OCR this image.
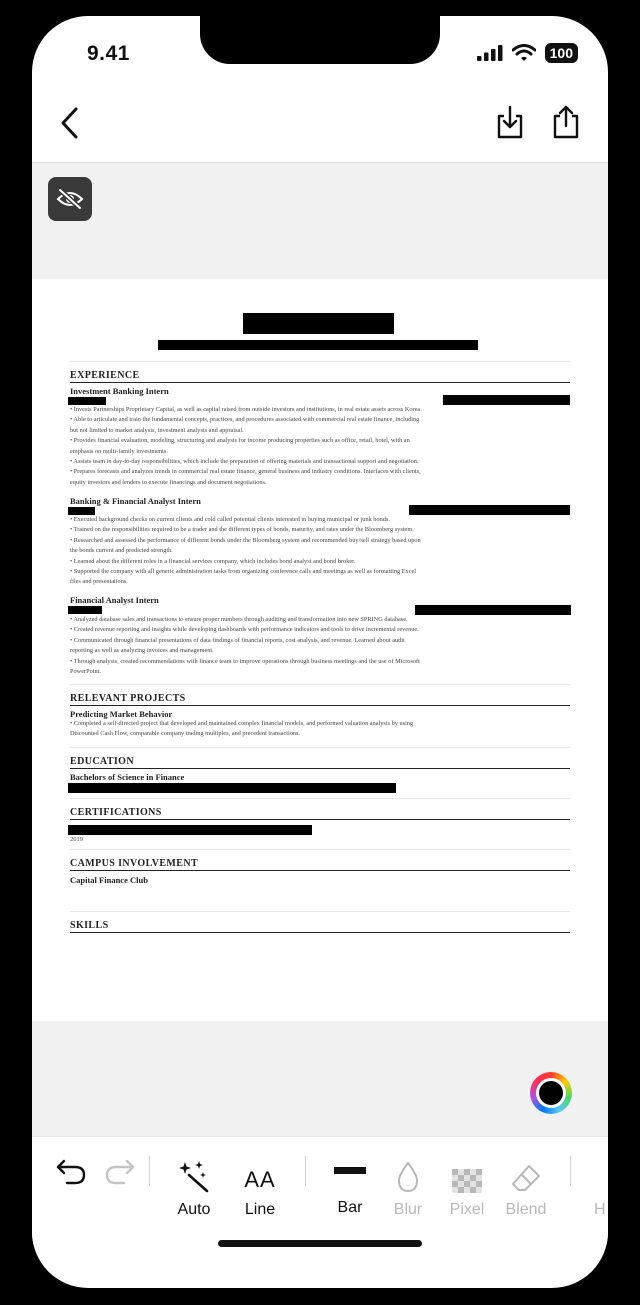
9.41	100
EXPERIENCE
Investment Banking Intern
• Invests Partnerships Proprietary Capital, as well as capital raised from outside investors and institutions, in real estate assets across Korea.
• Able to articulate and train the fundamental concepts, practices, and procedures associated with commercial real estate finance, including
but not limited to market analysis, investment analysis and appraisal.
• Provides financial evaluation, modeling, structuring and analysis for income producing properties such as office, retail, hotel, with an
emphasis on multi-family investments.
• Assists team in day-to-day responsibilities, which include the preparation of offering materials and transactional support and negotiation.
• Prepares forecasts and analyzes trends in commercial real estate finance, general business and industry conditions. Interfaces with clients,
equity investors and lenders to execute financings and document negotiations.
Banking & Financial Analyst Intern
• Executed background checks on current clients and cold called potential clients interested in buying municipal or junk bonds.
• Trained on the responsibilities required to be a trader and the different types of bonds, maturity, and rates under the Bloomberg system.
• Researched and assessed the performance of different bonds under the Bloomberg system and recommended buy/sell strategy based upon
the bonds current and predicted strength.
• Learned about the different roles in a financial services company, which includes bond analyst and bond broker.
• Supported the company with all generic administration tasks from organizing conference calls and meetings as well as formatting Excel
files and presentations.
Financial Analyst Intern
• Analyzed database sales and transactions to ensure proper numbers through auditing and transformation into new SPRING database.
• Created revenue reporting and insights while developing dashboards with performance indicators and tools to drive incremental revenue.
• Communicated through financial presentations of data findings of financial reports, cost analysis, and revenue. Learned about audit
reporting as well as analyzing invoices and management.
• Through analysis, created recommendations with finance team to improve operations through business meetings and the use of Microsoft
PowerPoint.
RELEVANT PROJECTS
Predicting Market Behavior
• Completed a self-directed project that developed and maintained complex financial models, and performed valuation analysis by using
Discounted Cash Flow, comparable company trading multiples, and precedent transactions.
EDUCATION
Bachelors of Science in Finance
CERTIFICATIONS
2019
CAMPUS INVOLVEMENT
Capital Finance Club
SKILLS
Auto
AA
Line	Bar	Blur	Pixel	Blend	H
